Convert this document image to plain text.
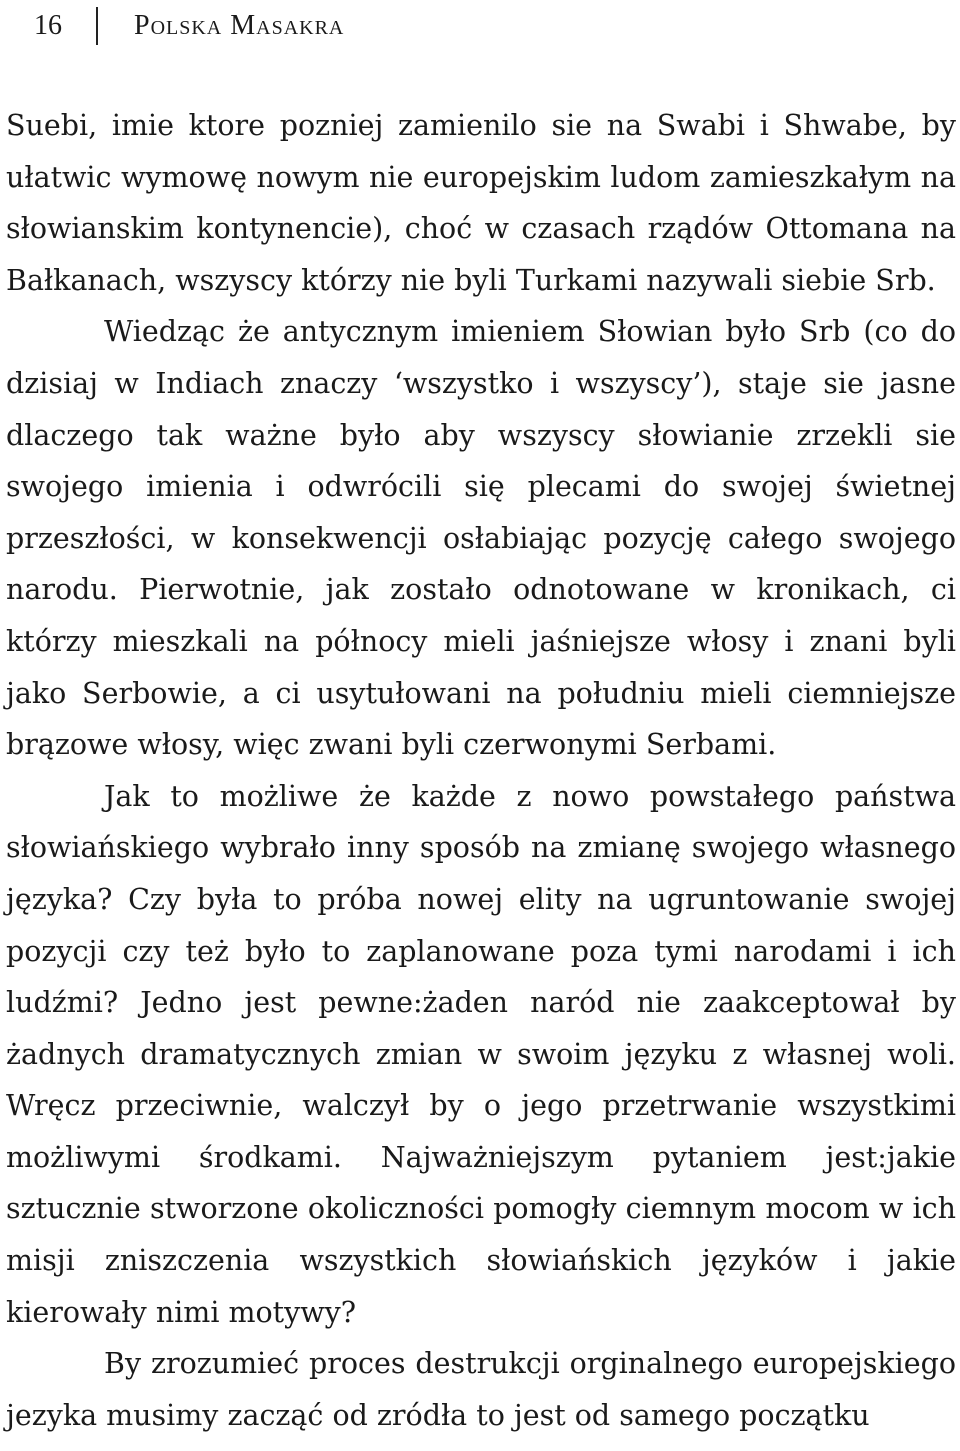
16	Polska Masakra

Suebi, imie ktore pozniej zamienilo sie na Swabi i Shwabe, by ułatwic wymowę nowym nie europejskim ludom zamieszkałym na słowianskim kontynencie), choć w czasach rządów Ottomana na Bałkanach, wszyscy którzy nie byli Turkami nazywali siebie Srb.

Wiedząc że antycznym imieniem Słowian było Srb (co do dzisiaj w Indiach znaczy ‘wszystko i wszyscy’), staje sie jasne dlaczego tak ważne było aby wszyscy słowianie zrzekli sie swojego imienia i odwrócili się plecami do swojej świetnej przeszłości, w konsekwencji osłabiając pozycję całego swojego narodu. Pierwotnie, jak zostało odnotowane w kronikach, ci którzy mieszkali na północy mieli jaśniejsze włosy i znani byli jako Serbowie, a ci usytułowani na południu mieli ciemniejsze brązowe włosy, więc zwani byli czerwonymi Serbami.

Jak to możliwe że każde z nowo powstałego państwa słowiańskiego wybrało inny sposób na zmianę swojego własnego języka? Czy była to próba nowej elity na ugruntowanie swojej pozycji czy też było to zaplanowane poza tymi narodami i ich ludźmi? Jedno jest pewne:żaden naród nie zaakceptował by żadnych dramatycznych zmian w swoim języku z własnej woli. Wręcz przeciwnie, walczył by o jego przetrwanie wszystkimi możliwymi środkami. Najważniejszym pytaniem jest:jakie sztucznie stworzone okoliczności pomogły ciemnym mocom w ich misji zniszczenia wszystkich słowiańskich języków i jakie kierowały nimi motywy?

By zrozumieć proces destrukcji orginalnego europejskiego jezyka musimy zacząć od zródła to jest od samego początku
